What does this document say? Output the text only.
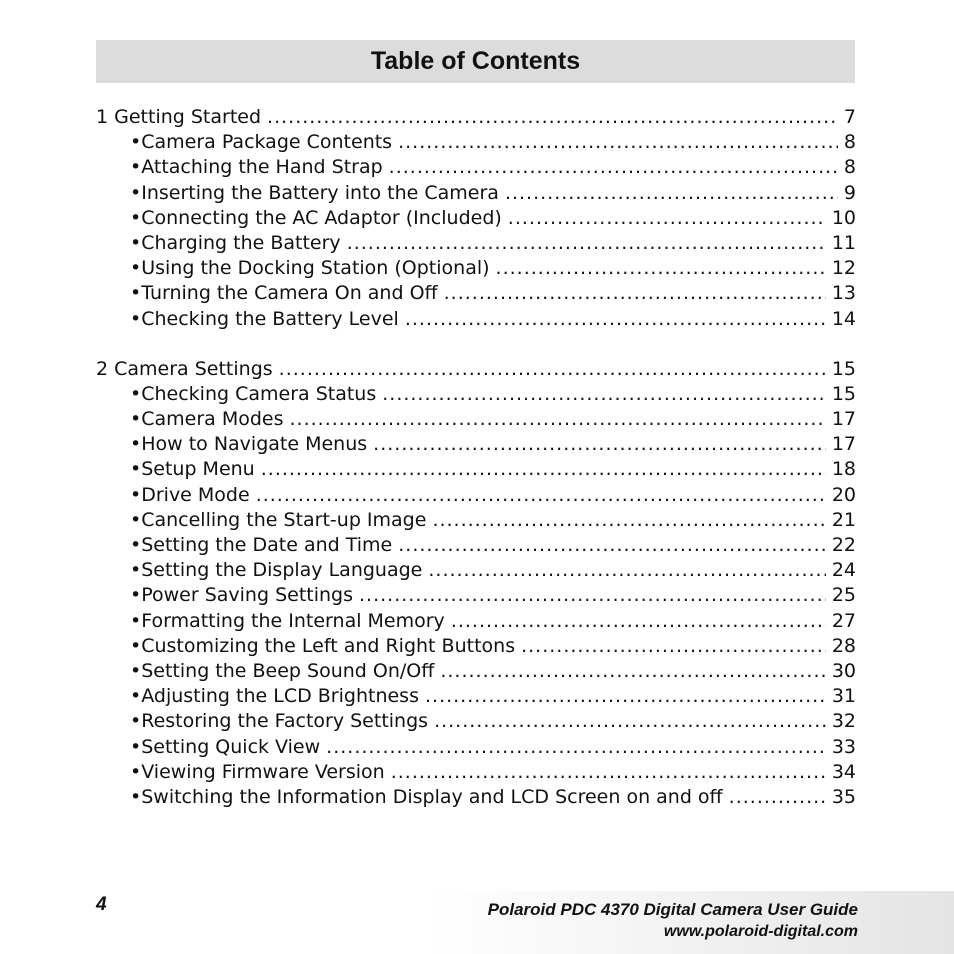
Table of Contents
1 Getting Started .....	7
• Camera Package Contents .....	8
• Attaching the Hand Strap .....	8
• Inserting the Battery into the Camera .....	9
• Connecting the AC Adaptor (Included) .....	10
• Charging the Battery .....	11
• Using the Docking Station (Optional) .....	12
• Turning the Camera On and Off .....	13
• Checking the Battery Level .....	14
2 Camera Settings .....	15
• Checking Camera Status .....	15
• Camera Modes .....	17
• How to Navigate Menus .....	17
• Setup Menu .....	18
• Drive Mode .....	20
• Cancelling the Start-up Image .....	21
• Setting the Date and Time .....	22
• Setting the Display Language .....	24
• Power Saving Settings .....	25
• Formatting the Internal Memory .....	27
• Customizing the Left and Right Buttons .....	28
• Setting the Beep Sound On/Off .....	30
• Adjusting the LCD Brightness .....	31
• Restoring the Factory Settings .....	32
• Setting Quick View .....	33
• Viewing Firmware Version .....	34
• Switching the Information Display and LCD Screen on and off .....	35
4	Polaroid PDC 4370 Digital Camera User Guide
www.polaroid-digital.com
